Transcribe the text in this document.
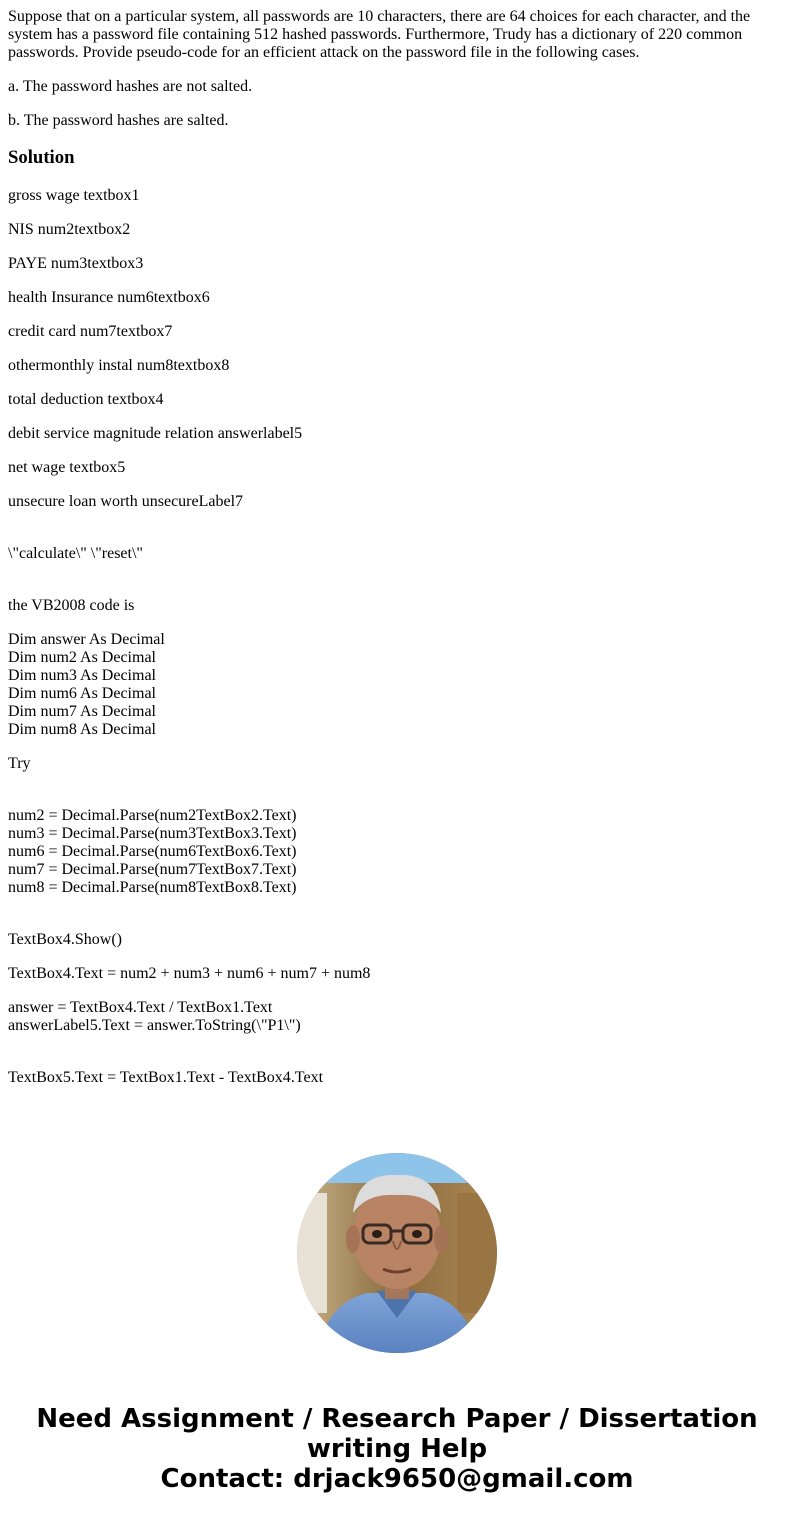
Suppose that on a particular system, all passwords are 10 characters, there are 64 choices for each character, and the system has a password file containing 512 hashed passwords. Furthermore, Trudy has a dictionary of 220 common passwords. Provide pseudo-code for an efficient attack on the password file in the following cases.

a. The password hashes are not salted.

b. The password hashes are salted.

Solution

gross wage textbox1

NIS num2textbox2

PAYE num3textbox3

health Insurance num6textbox6

credit card num7textbox7

othermonthly instal num8textbox8

total deduction textbox4

debit service magnitude relation answerlabel5

net wage textbox5

unsecure loan worth unsecureLabel7

\"calculate\" \"reset\"

the VB2008 code is

Dim answer As Decimal
Dim num2 As Decimal
Dim num3 As Decimal
Dim num6 As Decimal
Dim num7 As Decimal
Dim num8 As Decimal

Try

num2 = Decimal.Parse(num2TextBox2.Text)
num3 = Decimal.Parse(num3TextBox3.Text)
num6 = Decimal.Parse(num6TextBox6.Text)
num7 = Decimal.Parse(num7TextBox7.Text)
num8 = Decimal.Parse(num8TextBox8.Text)

TextBox4.Show()

TextBox4.Text = num2 + num3 + num6 + num7 + num8

answer = TextBox4.Text / TextBox1.Text
answerLabel5.Text = answer.ToString(\"P1\")

TextBox5.Text = TextBox1.Text - TextBox4.Text

Need Assignment / Research Paper / Dissertation
writing Help
Contact: drjack9650@gmail.com
